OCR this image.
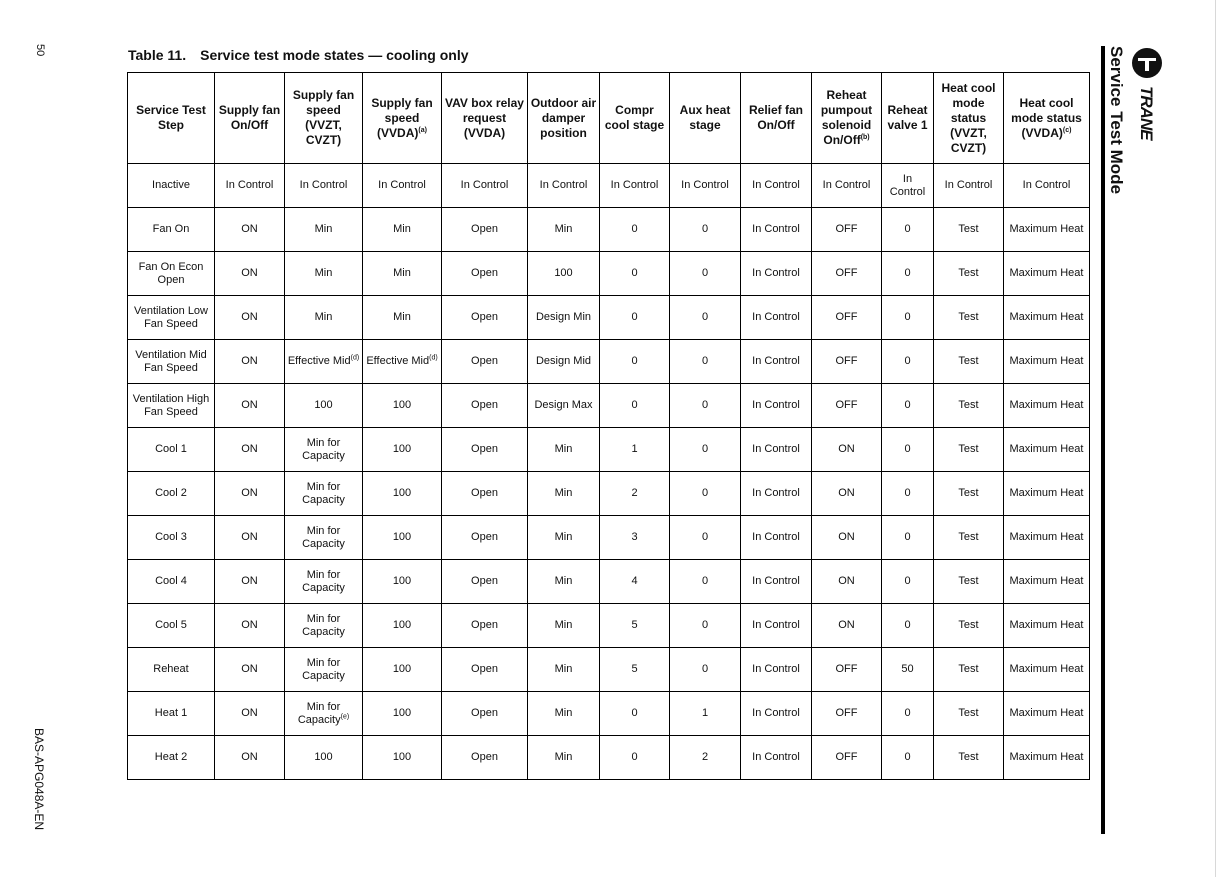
50
BAS-APG048A-EN
Table 11. Service test mode states — cooling only
Service Test Step	Supply fan On/Off	Supply fan speed (VVZT, CVZT)	Supply fan speed (VVDA)$^{(a)}$	VAV box relay request (VVDA)	Outdoor air damper position	Compr cool stage	Aux heat stage	Relief fan On/Off	Reheat pumpout solenoid On/Off$^{(b)}$	Reheat valve 1	Heat cool mode status (VVZT, CVZT)	Heat cool mode status (VVDA)$^{(c)}$
Inactive	In Control	In Control	In Control	In Control	In Control	In Control	In Control	In Control	In Control	In Control	In Control	In Control
Fan On	ON	Min	Min	Open	Min	0	0	In Control	OFF	0	Test	Maximum Heat
Fan On Econ Open	ON	Min	Min	Open	100	0	0	In Control	OFF	0	Test	Maximum Heat
Ventilation Low Fan Speed	ON	Min	Min	Open	Design Min	0	0	In Control	OFF	0	Test	Maximum Heat
Ventilation Mid Fan Speed	ON	Effective Mid$^{(d)}$	Effective Mid$^{(d)}$	Open	Design Mid	0	0	In Control	OFF	0	Test	Maximum Heat
Ventilation High Fan Speed	ON	100	100	Open	Design Max	0	0	In Control	OFF	0	Test	Maximum Heat
Cool 1	ON	Min for Capacity	100	Open	Min	1	0	In Control	ON	0	Test	Maximum Heat
Cool 2	ON	Min for Capacity	100	Open	Min	2	0	In Control	ON	0	Test	Maximum Heat
Cool 3	ON	Min for Capacity	100	Open	Min	3	0	In Control	ON	0	Test	Maximum Heat
Cool 4	ON	Min for Capacity	100	Open	Min	4	0	In Control	ON	0	Test	Maximum Heat
Cool 5	ON	Min for Capacity	100	Open	Min	5	0	In Control	ON	0	Test	Maximum Heat
Reheat	ON	Min for Capacity	100	Open	Min	5	0	In Control	OFF	50	Test	Maximum Heat
Heat 1	ON	Min for Capacity$^{(e)}$	100	Open	Min	0	1	In Control	OFF	0	Test	Maximum Heat
Heat 2	ON	100	100	Open	Min	0	2	In Control	OFF	0	Test	Maximum Heat
TRANE
Service Test Mode
